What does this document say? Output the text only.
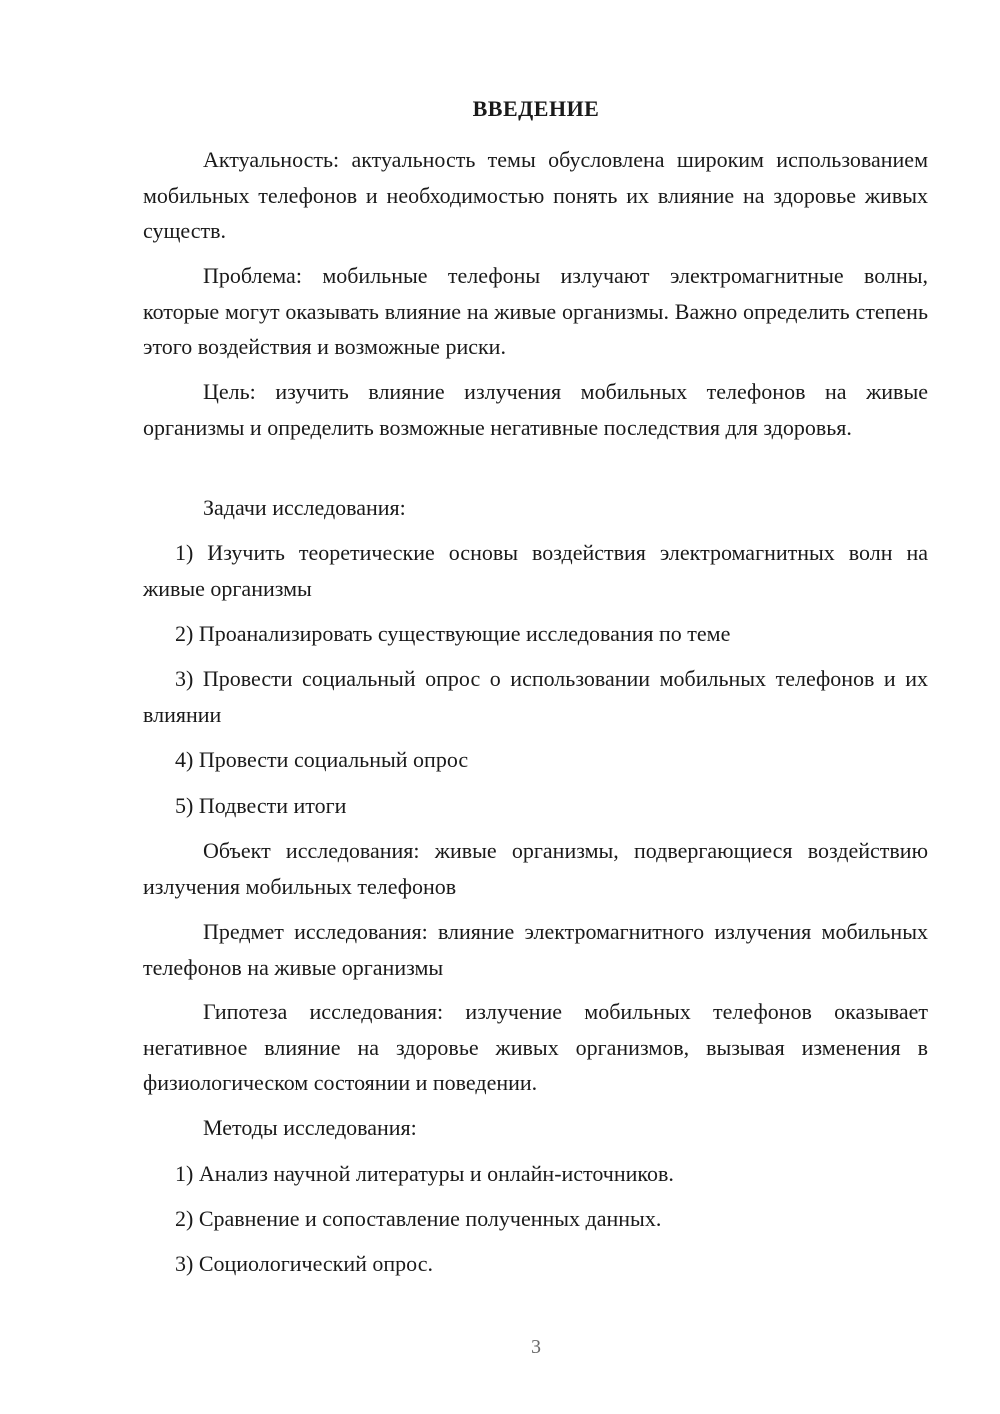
ВВЕДЕНИЕ
Актуальность: актуальность темы обусловлена широким использованием мобильных телефонов и необходимостью понять их влияние на здоровье живых существ.
Проблема: мобильные телефоны излучают электромагнитные волны, которые могут оказывать влияние на живые организмы. Важно определить степень этого воздействия и возможные риски.
Цель: изучить влияние излучения мобильных телефонов на живые организмы и определить возможные негативные последствия для здоровья.
Задачи исследования:
1) Изучить теоретические основы воздействия электромагнитных волн на живые организмы
2) Проанализировать существующие исследования по теме
3) Провести социальный опрос о использовании мобильных телефонов и их влиянии
4) Провести социальный опрос
5) Подвести итоги
Объект исследования: живые организмы, подвергающиеся воздействию излучения мобильных телефонов
Предмет исследования: влияние электромагнитного излучения мобильных телефонов на живые организмы
Гипотеза исследования: излучение мобильных телефонов оказывает негативное влияние на здоровье живых организмов, вызывая изменения в физиологическом состоянии и поведении.
Методы исследования:
1) Анализ научной литературы и онлайн-источников.
2) Сравнение и сопоставление полученных данных.
3) Социологический опрос.
3
